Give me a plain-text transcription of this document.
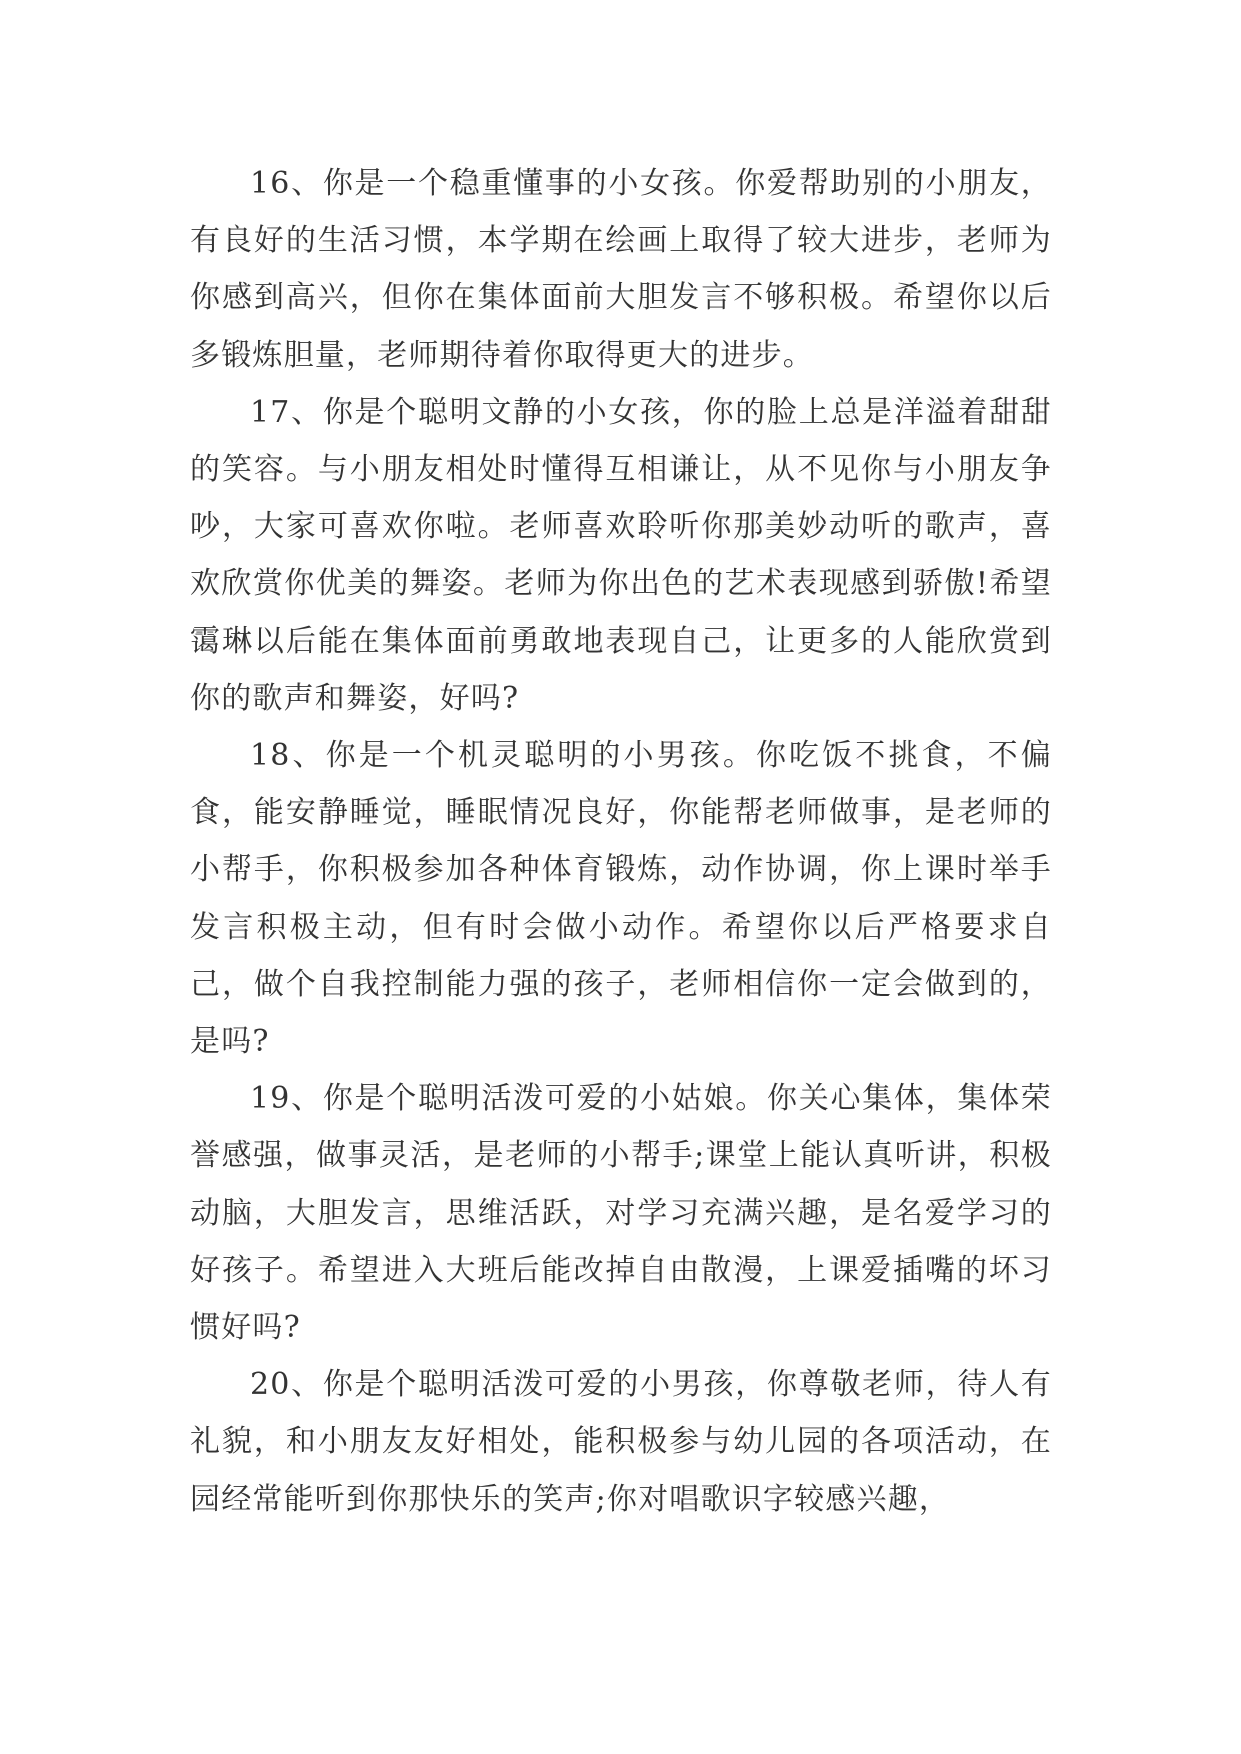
16、你是一个稳重懂事的小女孩。你爱帮助别的小朋友，有良好的生活习惯，本学期在绘画上取得了较大进步，老师为你感到高兴，但你在集体面前大胆发言不够积极。希望你以后多锻炼胆量，老师期待着你取得更大的进步。

17、你是个聪明文静的小女孩，你的脸上总是洋溢着甜甜的笑容。与小朋友相处时懂得互相谦让，从不见你与小朋友争吵，大家可喜欢你啦。老师喜欢聆听你那美妙动听的歌声，喜欢欣赏你优美的舞姿。老师为你出色的艺术表现感到骄傲!希望霭琳以后能在集体面前勇敢地表现自己，让更多的人能欣赏到你的歌声和舞姿，好吗?

18、你是一个机灵聪明的小男孩。你吃饭不挑食，不偏食，能安静睡觉，睡眠情况良好，你能帮老师做事，是老师的小帮手，你积极参加各种体育锻炼，动作协调，你上课时举手发言积极主动，但有时会做小动作。希望你以后严格要求自己，做个自我控制能力强的孩子，老师相信你一定会做到的，是吗?

19、你是个聪明活泼可爱的小姑娘。你关心集体，集体荣誉感强，做事灵活，是老师的小帮手;课堂上能认真听讲，积极动脑，大胆发言，思维活跃，对学习充满兴趣，是名爱学习的好孩子。希望进入大班后能改掉自由散漫，上课爱插嘴的坏习惯好吗?

20、你是个聪明活泼可爱的小男孩，你尊敬老师，待人有礼貌，和小朋友友好相处，能积极参与幼儿园的各项活动，在园经常能听到你那快乐的笑声;你对唱歌识字较感兴趣，
